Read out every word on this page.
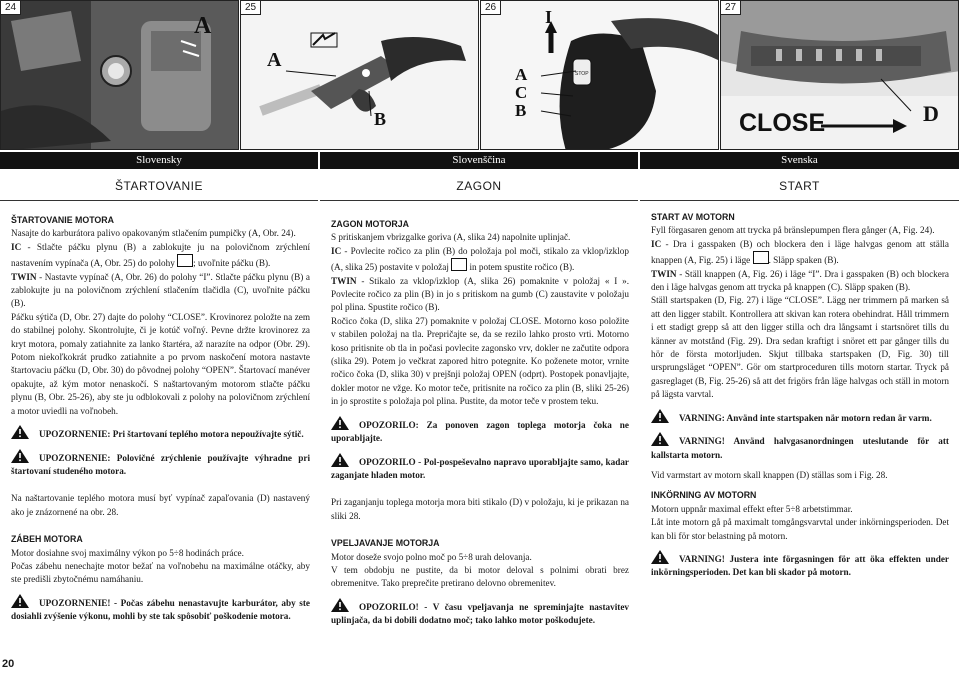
24
A
25
A
B
26	I
A
C
B
STOP
27
CLOSE	D
Slovensky	Slovenščina	Svenska
ŠTARTOVANIE	ZAGON	START

ŠTARTOVANIE MOTORA

Nasajte do karburátora palivo opakovaným stlačením pumpičky (A, Obr. 24).

IC - Stlačte páčku plynu (B) a zablokujte ju na polovičnom zrýchlení nastavením vypínača (A, Obr. 25) do polohy ; uvoľnite páčku (B).

TWIN - Nastavte vypínač (A, Obr. 26) do polohy “I”. Stlačte páčku plynu (B) a zablokujte ju na polovičnom zrýchlení stlačením tlačidla (C), uvoľnite páčku (B).

Páčku sýtiča (D, Obr. 27) dajte do polohy “CLOSE”. Krovinorez položte na zem do stabilnej polohy. Skontrolujte, či je kotúč voľný. Pevne držte krovinorez za kryt motora, pomaly zatiahnite za lanko štartéra, až narazíte na odpor (Obr. 29). Potom niekoľkokrát prudko zatiahnite a po prvom naskočení motora nastavte štartovaciu páčku (D, Obr. 30) do pôvodnej polohy “OPEN”. Štartovací manéver opakujte, až kým motor nenaskočí. S naštartovaným motorom stlačte páčku plynu (B, Obr. 25-26), aby ste ju odblokovali z polohy na polovičnom zrýchlení a motor uviedli na voľnobeh.

UPOZORNENIE: Pri štartovaní teplého motora nepoužívajte sýtič.

UPOZORNENIE: Polovičné zrýchlenie používajte výhradne pri štartovaní studeného motora.

Na naštartovanie teplého motora musí byť vypínač zapaľovania (D) nastavený ako je znázornené na obr. 28.

ZÁBEH MOTORA

Motor dosiahne svoj maximálny výkon po 5÷8 hodinách práce.

Počas zábehu nenechajte motor bežať na voľnobehu na maximálne otáčky, aby ste predišli zbytočnému namáhaniu.

UPOZORNENIE! - Počas zábehu nenastavujte karburátor, aby ste dosiahli zvýšenie výkonu, mohli by ste tak spôsobiť poškodenie motora.

ZAGON MOTORJA

S pritiskanjem vbrizgalke goriva (A, slika 24) napolnite uplinjač.

IC - Povlecite ročico za plin (B) do položaja pol moči, stikalo za vklop/izklop (A, slika 25) postavite v položaj  in potem spustite ročico (B).

TWIN - Stikalo za vklop/izklop (A, slika 26) pomaknite v položaj « I ». Povlecite ročico za plin (B) in jo s pritiskom na gumb (C) zaustavite v položaju pol plina. Spustite ročico (B).

Ročico čoka (D, slika 27) pomaknite v položaj CLOSE. Motorno koso položite v stabilen položaj na tla. Prepričajte se, da se rezilo lahko prosto vrti. Motorno koso pritisnite ob tla in počasi povlecite zagonsko vrv, dokler ne začutite odpora (slika 29). Potem jo večkrat zapored hitro potegnite. Ko poženete motor, vrnite ročico čoka (D, slika 30) v prejšnji položaj OPEN (odprt). Postopek ponavljajte, dokler motor ne vžge. Ko motor teče, pritisnite na ročico za plin (B, sliki 25-26) in jo sprostite s položaja pol plina. Pustite, da motor teče v prostem teku.

OPOZORILO: Za ponoven zagon toplega motorja čoka ne uporabljajte.

OPOZORILO - Pol-pospeševalno napravo uporabljajte samo, kadar zaganjate hladen motor.

Pri zaganjanju toplega motorja mora biti stikalo (D) v položaju, ki je prikazan na sliki 28.

VPELJAVANJE MOTORJA

Motor doseže svojo polno moč po 5÷8 urah delovanja.

V tem obdobju ne pustite, da bi motor deloval s polnimi obrati brez obremenitve. Tako preprečite pretirano delovno obremenitev.

OPOZORILO! - V času vpeljavanja ne spreminjajte nastavitev uplinjača, da bi dobili dodatno moč; tako lahko motor poškodujete.

START AV MOTORN

Fyll förgasaren genom att trycka på bränslepumpen flera gånger (A, Fig. 24).

IC - Dra i gasspaken (B) och blockera den i läge halvgas genom att ställa knappen (A, Fig. 25) i läge . Släpp spaken (B).

TWIN - Ställ knappen (A, Fig. 26) i läge “I”. Dra i gasspaken (B) och blockera den i läge halvgas genom att trycka på knappen (C). Släpp spaken (B).

Ställ startspaken (D, Fig. 27) i läge “CLOSE”. Lägg ner trimmern på marken så att den ligger stabilt. Kontrollera att skivan kan rotera obehindrat. Håll trimmern i ett stadigt grepp så att den ligger stilla och dra långsamt i startsnöret tills du känner av motstånd (Fig. 29). Dra sedan kraftigt i snöret ett par gånger tills du hör de första motorljuden. Skjut tillbaka startspaken (D, Fig. 30) till ursprungsläget “OPEN”. Gör om startproceduren tills motorn startar. Tryck på gasreglaget (B, Fig. 25-26) så att det frigörs från läge halvgas och ställ in motorn på lägsta varvtal.

VARNING: Använd inte startspaken när motorn redan är varm.

VARNING! Använd halvgasanordningen uteslutande för att kallstarta motorn.

Vid varmstart av motorn skall knappen (D) ställas som i Fig. 28.

INKÖRNING AV MOTORN

Motorn uppnår maximal effekt efter 5÷8 arbetstimmar.

Låt inte motorn gå på maximalt tomgångsvarvtal under inkörningsperioden. Det kan bli för stor belastning på motorn.

VARNING! Justera inte förgasningen för att öka effekten under inkörningsperioden. Det kan bli skador på motorn.

20
